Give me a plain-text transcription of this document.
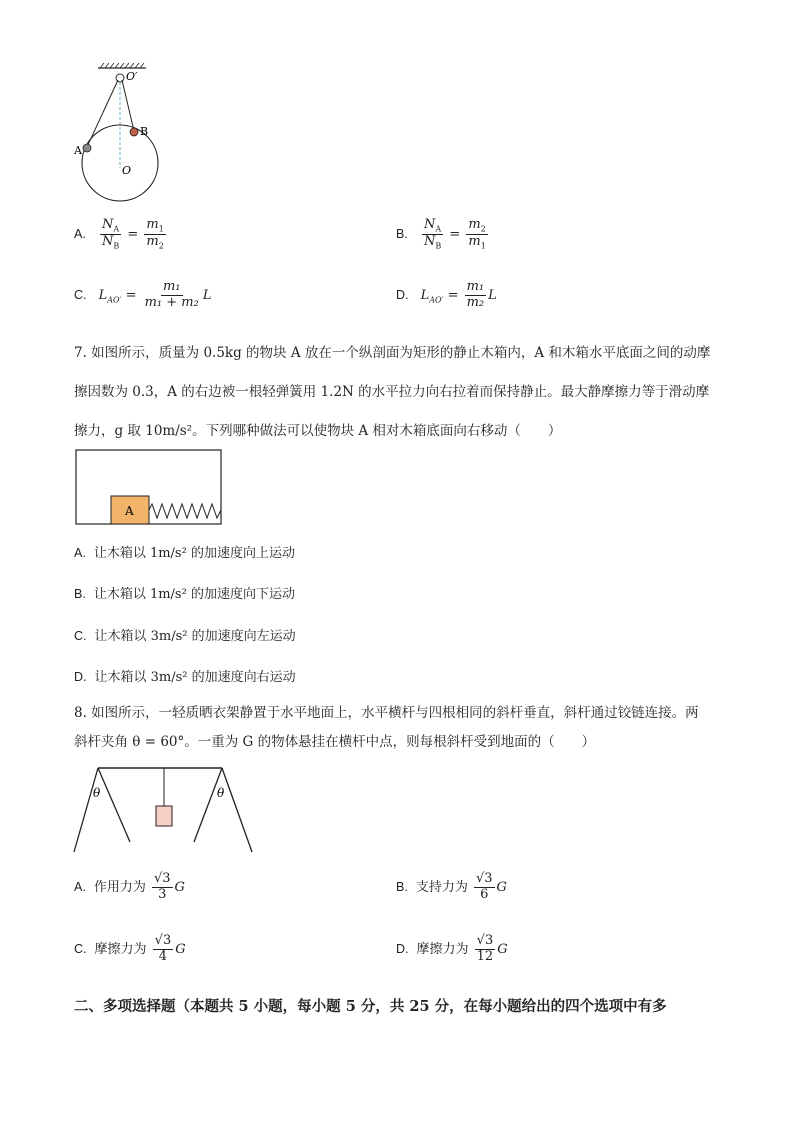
O′
A
B
O
A. $\frac{N_A}{N_B} = \frac{m_1}{m_2}$	B. $\frac{N_A}{N_B} = \frac{m_2}{m_1}$
C. $L_{AO'} = \frac{\text{m₁}}{\text{m₁ + m₂}}$ L	D. $L_{AO'} = \frac{\text{m₁}}{\text{m₂}}$ L
7. 如图所示，质量为 0.5kg 的物块 A 放在一个纵剖面为矩形的静止木箱内，A 和木箱水平底面之间的动摩
擦因数为 0.3，A 的右边被一根轻弹簧用 1.2N 的水平拉力向右拉着而保持静止。最大静摩擦力等于滑动摩
擦力，g 取 10m/s²。下列哪种做法可以使物块 A 相对木箱底面向右移动（　　）
A
A. 让木箱以 1m/s² 的加速度向上运动
B. 让木箱以 1m/s² 的加速度向下运动
C. 让木箱以 3m/s² 的加速度向左运动
D. 让木箱以 3m/s² 的加速度向右运动
8. 如图所示，一轻质晒衣架静置于水平地面上，水平横杆与四根相同的斜杆垂直，斜杆通过铰链连接。两
斜杆夹角 θ = 60°。一重为 G 的物体悬挂在横杆中点，则每根斜杆受到地面的（　　）
θ	θ
A. 作用力为 $\frac{√3}{3}$ G	B. 支持力为 $\frac{√3}{6}$ G
C. 摩擦力为 $\frac{√3}{4}$ G	D. 摩擦力为 $\frac{√3}{12}$ G
二、多项选择题（本题共 5 小题，每小题 5 分，共 25 分，在每小题给出的四个选项中有多
